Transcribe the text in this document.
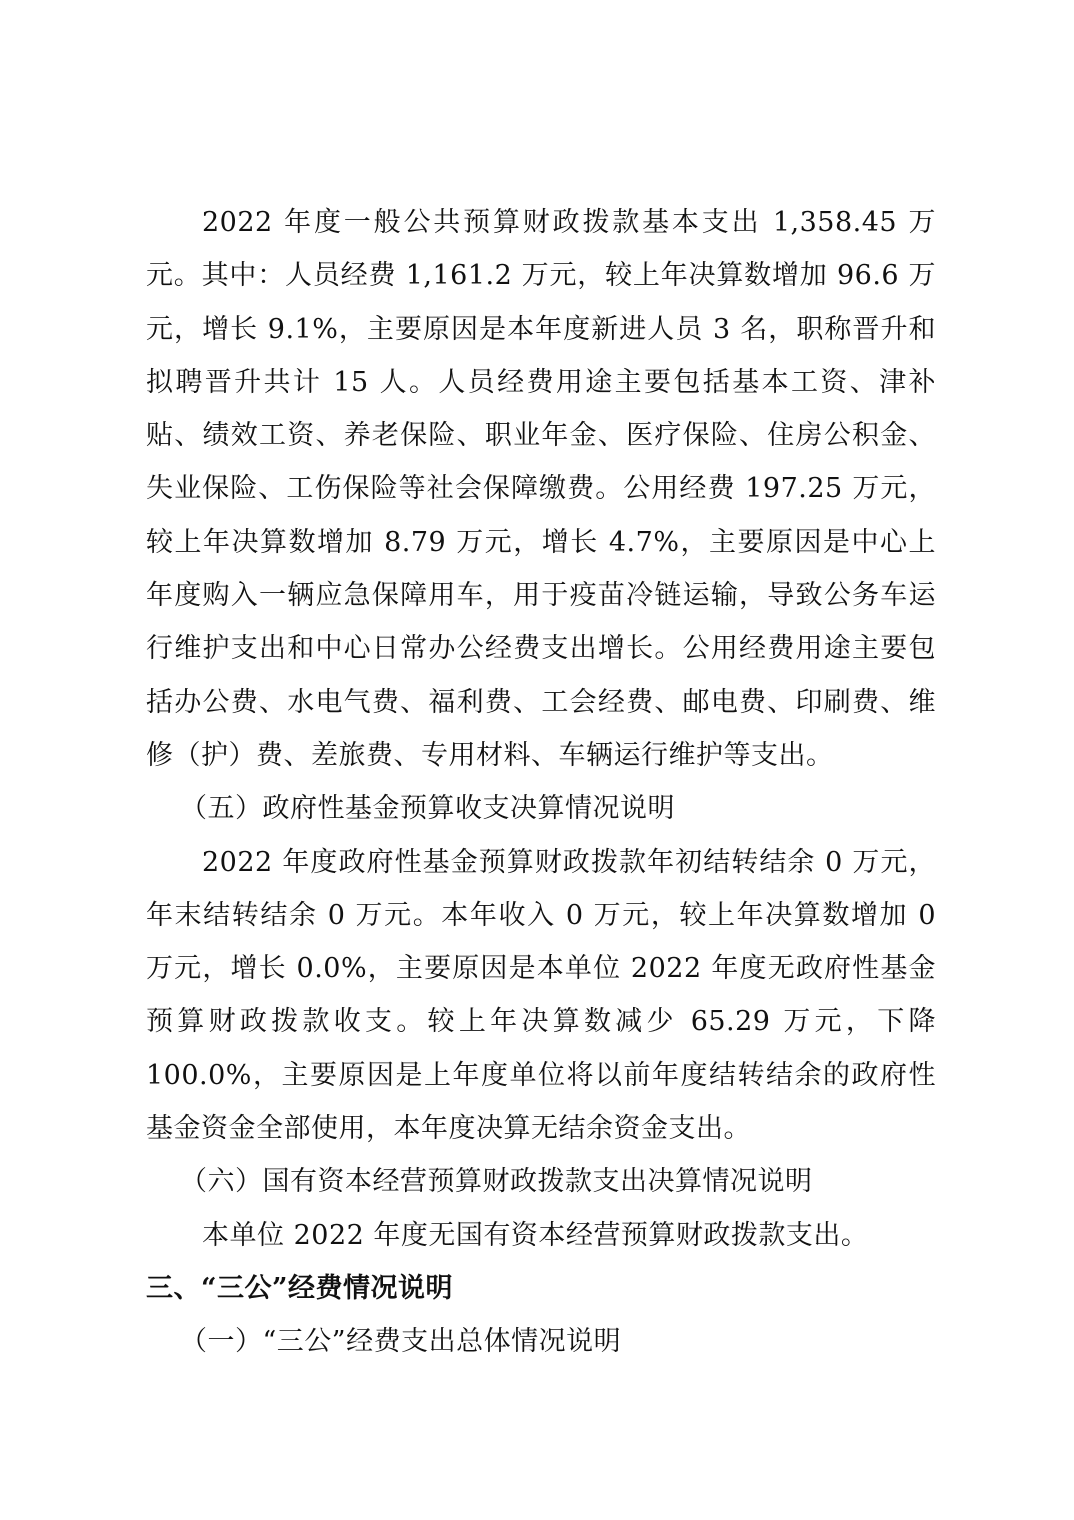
2022 年度一般公共预算财政拨款基本支出 1,358.45 万元。其中：人员经费 1,161.2 万元，较上年决算数增加 96.6 万元，增长 9.1%，主要原因是本年度新进人员 3 名，职称晋升和拟聘晋升共计 15 人。人员经费用途主要包括基本工资、津补贴、绩效工资、养老保险、职业年金、医疗保险、住房公积金、失业保险、工伤保险等社会保障缴费。公用经费 197.25 万元，较上年决算数增加 8.79 万元，增长 4.7%，主要原因是中心上年度购入一辆应急保障用车，用于疫苗冷链运输，导致公务车运行维护支出和中心日常办公经费支出增长。公用经费用途主要包括办公费、水电气费、福利费、工会经费、邮电费、印刷费、维修（护）费、差旅费、专用材料、车辆运行维护等支出。

（五）政府性基金预算收支决算情况说明

2022 年度政府性基金预算财政拨款年初结转结余 0 万元，年末结转结余 0 万元。本年收入 0 万元，较上年决算数增加 0 万元，增长 0.0%，主要原因是本单位 2022 年度无政府性基金预算财政拨款收支。较上年决算数减少 65.29 万元，下降 100.0%，主要原因是上年度单位将以前年度结转结余的政府性基金资金全部使用，本年度决算无结余资金支出。

（六）国有资本经营预算财政拨款支出决算情况说明

本单位 2022 年度无国有资本经营预算财政拨款支出。

三、“三公”经费情况说明

（一）“三公”经费支出总体情况说明
